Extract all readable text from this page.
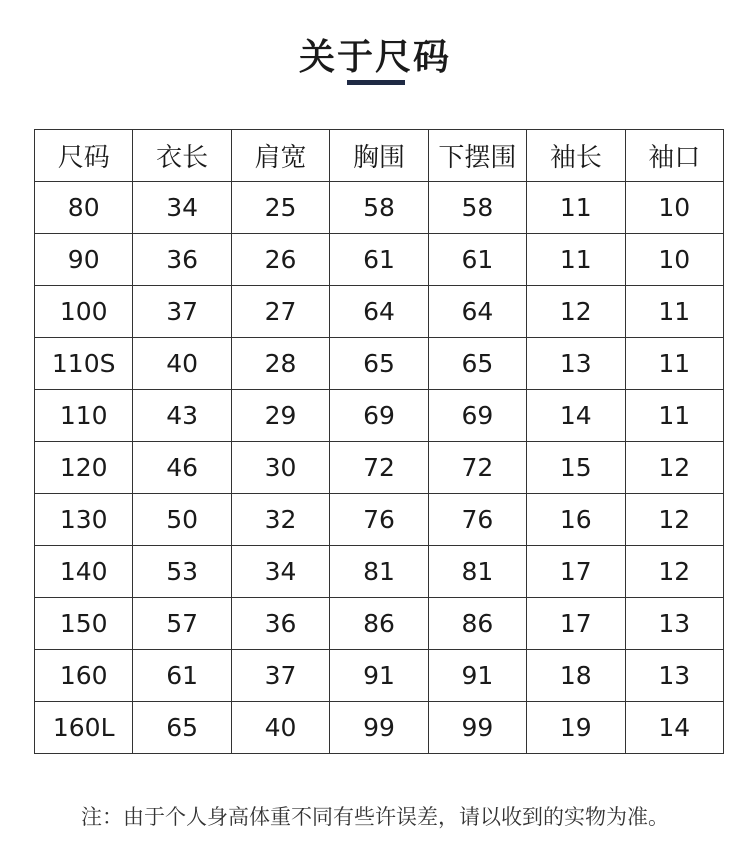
关于尺码
尺码	衣长	肩宽	胸围	下摆围	袖长	袖口
80	34	25	58	58	11	10
90	36	26	61	61	11	10
100	37	27	64	64	12	11
110S	40	28	65	65	13	11
110	43	29	69	69	14	11
120	46	30	72	72	15	12
130	50	32	76	76	16	12
140	53	34	81	81	17	12
150	57	36	86	86	17	13
160	61	37	91	91	18	13
160L	65	40	99	99	19	14
注：由于个人身高体重不同有些许误差，请以收到的实物为准。
